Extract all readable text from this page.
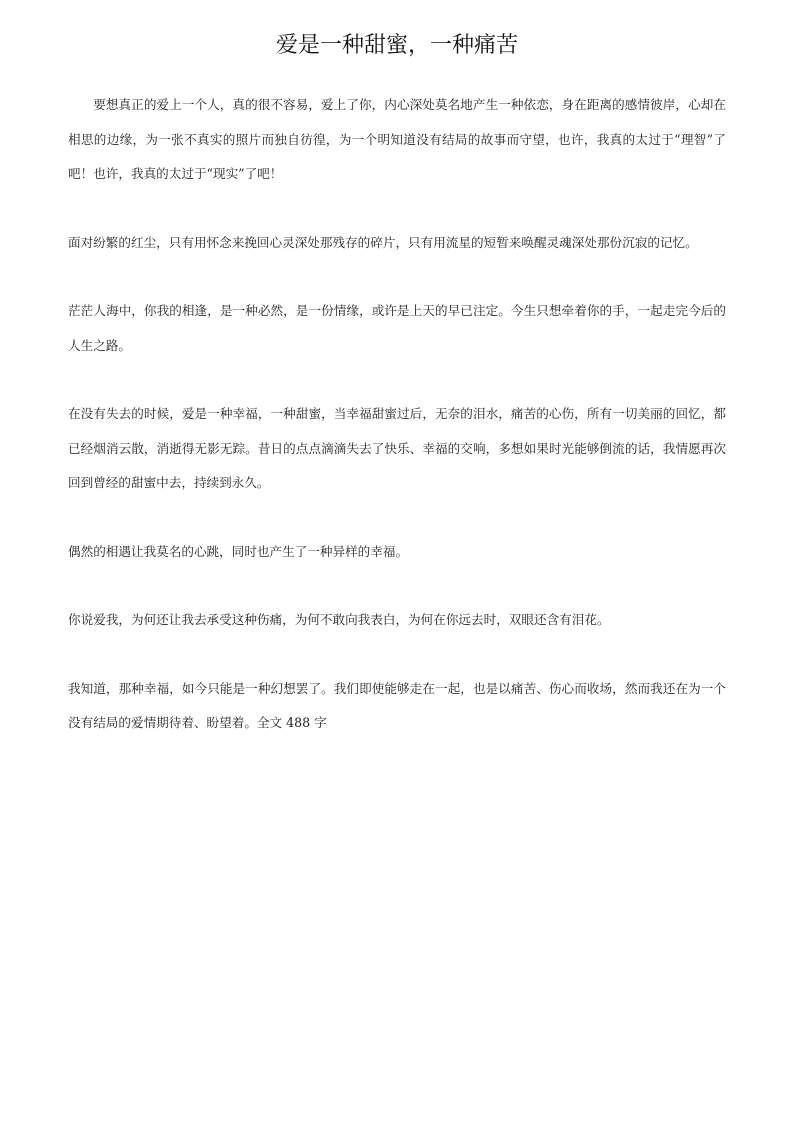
爱是一种甜蜜，一种痛苦

要想真正的爱上一个人，真的很不容易，爱上了你，内心深处莫名地产生一种依恋，身在距离的感情彼岸，心却在相思的边缘，为一张不真实的照片而独自彷徨，为一个明知道没有结局的故事而守望，也许，我真的太过于“理智”了吧！也许，我真的太过于“现实”了吧！

面对纷繁的红尘，只有用怀念来挽回心灵深处那残存的碎片，只有用流星的短暂来唤醒灵魂深处那份沉寂的记忆。

茫茫人海中，你我的相逢，是一种必然，是一份情缘，或许是上天的早已注定。今生只想牵着你的手，一起走完今后的人生之路。

在没有失去的时候，爱是一种幸福，一种甜蜜，当幸福甜蜜过后，无奈的泪水，痛苦的心伤，所有一切美丽的回忆，都已经烟消云散，消逝得无影无踪。昔日的点点滴滴失去了快乐、幸福的交响，多想如果时光能够倒流的话，我情愿再次回到曾经的甜蜜中去，持续到永久。

偶然的相遇让我莫名的心跳，同时也产生了一种异样的幸福。

你说爱我，为何还让我去承受这种伤痛，为何不敢向我表白，为何在你远去时，双眼还含有泪花。

我知道，那种幸福，如今只能是一种幻想罢了。我们即使能够走在一起，也是以痛苦、伤心而收场，然而我还在为一个没有结局的爱情期待着、盼望着。全文 488 字
